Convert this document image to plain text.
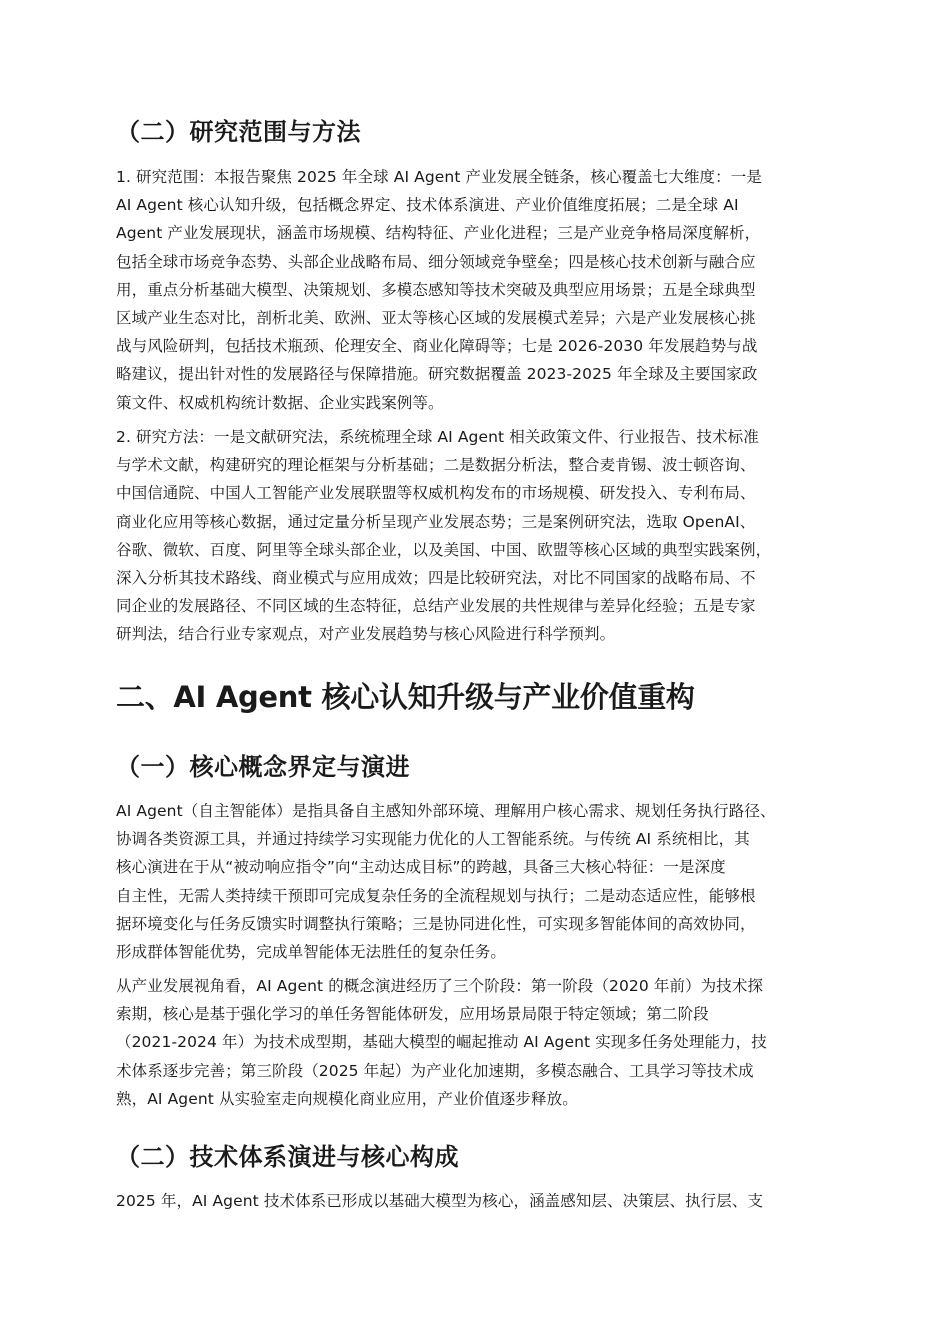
（二）研究范围与方法
1. 研究范围：本报告聚焦 2025 年全球 AI Agent 产业发展全链条，核心覆盖七大维度：一是
AI Agent 核心认知升级，包括概念界定、技术体系演进、产业价值维度拓展；二是全球 AI
Agent 产业发展现状，涵盖市场规模、结构特征、产业化进程；三是产业竞争格局深度解析，
包括全球市场竞争态势、头部企业战略布局、细分领域竞争壁垒；四是核心技术创新与融合应
用，重点分析基础大模型、决策规划、多模态感知等技术突破及典型应用场景；五是全球典型
区域产业生态对比，剖析北美、欧洲、亚太等核心区域的发展模式差异；六是产业发展核心挑
战与风险研判，包括技术瓶颈、伦理安全、商业化障碍等；七是 2026-2030 年发展趋势与战
略建议，提出针对性的发展路径与保障措施。研究数据覆盖 2023-2025 年全球及主要国家政
策文件、权威机构统计数据、企业实践案例等。
2. 研究方法：一是文献研究法，系统梳理全球 AI Agent 相关政策文件、行业报告、技术标准
与学术文献，构建研究的理论框架与分析基础；二是数据分析法，整合麦肯锡、波士顿咨询、
中国信通院、中国人工智能产业发展联盟等权威机构发布的市场规模、研发投入、专利布局、
商业化应用等核心数据，通过定量分析呈现产业发展态势；三是案例研究法，选取 OpenAI、
谷歌、微软、百度、阿里等全球头部企业，以及美国、中国、欧盟等核心区域的典型实践案例，
深入分析其技术路线、商业模式与应用成效；四是比较研究法，对比不同国家的战略布局、不
同企业的发展路径、不同区域的生态特征，总结产业发展的共性规律与差异化经验；五是专家
研判法，结合行业专家观点，对产业发展趋势与核心风险进行科学预判。
二、AI Agent 核心认知升级与产业价值重构
（一）核心概念界定与演进
AI Agent（自主智能体）是指具备自主感知外部环境、理解用户核心需求、规划任务执行路径、
协调各类资源工具，并通过持续学习实现能力优化的人工智能系统。与传统 AI 系统相比，其
核心演进在于从“被动响应指令”向“主动达成目标”的跨越，具备三大核心特征：一是深度
自主性，无需人类持续干预即可完成复杂任务的全流程规划与执行；二是动态适应性，能够根
据环境变化与任务反馈实时调整执行策略；三是协同进化性，可实现多智能体间的高效协同，
形成群体智能优势，完成单智能体无法胜任的复杂任务。
从产业发展视角看，AI Agent 的概念演进经历了三个阶段：第一阶段（2020 年前）为技术探
索期，核心是基于强化学习的单任务智能体研发，应用场景局限于特定领域；第二阶段
（2021-2024 年）为技术成型期，基础大模型的崛起推动 AI Agent 实现多任务处理能力，技
术体系逐步完善；第三阶段（2025 年起）为产业化加速期，多模态融合、工具学习等技术成
熟，AI Agent 从实验室走向规模化商业应用，产业价值逐步释放。
（二）技术体系演进与核心构成
2025 年，AI Agent 技术体系已形成以基础大模型为核心，涵盖感知层、决策层、执行层、支
